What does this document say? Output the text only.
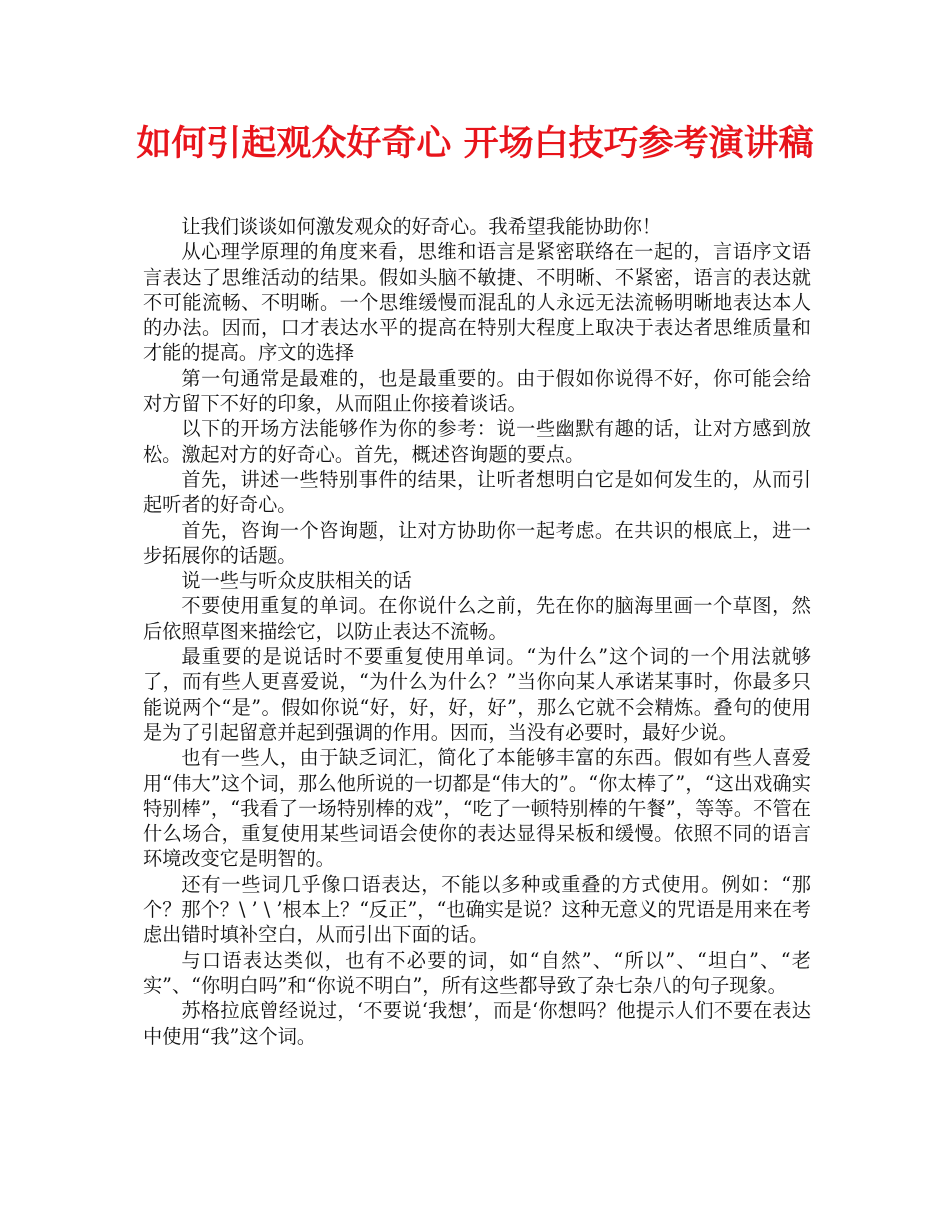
如何引起观众好奇心 开场白技巧参考演讲稿

让我们谈谈如何激发观众的好奇心。我希望我能协助你！

从心理学原理的角度来看，思维和语言是紧密联络在一起的，言语序文语言表达了思维活动的结果。假如头脑不敏捷、不明晰、不紧密，语言的表达就不可能流畅、不明晰。一个思维缓慢而混乱的人永远无法流畅明晰地表达本人的办法。因而，口才表达水平的提高在特别大程度上取决于表达者思维质量和才能的提高。序文的选择

第一句通常是最难的，也是最重要的。由于假如你说得不好，你可能会给对方留下不好的印象，从而阻止你接着谈话。

以下的开场方法能够作为你的参考：说一些幽默有趣的话，让对方感到放松。激起对方的好奇心。首先，概述咨询题的要点。

首先，讲述一些特别事件的结果，让听者想明白它是如何发生的，从而引起听者的好奇心。

首先，咨询一个咨询题，让对方协助你一起考虑。在共识的根底上，进一步拓展你的话题。

说一些与听众皮肤相关的话

不要使用重复的单词。在你说什么之前，先在你的脑海里画一个草图，然后依照草图来描绘它，以防止表达不流畅。

最重要的是说话时不要重复使用单词。“为什么”这个词的一个用法就够了，而有些人更喜爱说，“为什么为什么？”当你向某人承诺某事时，你最多只能说两个“是”。假如你说“好，好，好，好”，那么它就不会精炼。叠句的使用是为了引起留意并起到强调的作用。因而，当没有必要时，最好少说。

也有一些人，由于缺乏词汇，简化了本能够丰富的东西。假如有些人喜爱用“伟大”这个词，那么他所说的一切都是“伟大的”。“你太棒了”，“这出戏确实特别棒”，“我看了一场特别棒的戏”，“吃了一顿特别棒的午餐”，等等。不管在什么场合，重复使用某些词语会使你的表达显得呆板和缓慢。依照不同的语言环境改变它是明智的。

还有一些词几乎像口语表达，不能以多种或重叠的方式使用。例如：“那个？那个？\ ’ \ ’根本上？“反正”，“也确实是说？这种无意义的咒语是用来在考虑出错时填补空白，从而引出下面的话。

与口语表达类似，也有不必要的词，如“自然”、“所以”、“坦白”、“老实”、“你明白吗”和“你说不明白”，所有这些都导致了杂七杂八的句子现象。

苏格拉底曾经说过，‘不要说‘我想’，而是‘你想吗？他提示人们不要在表达中使用“我”这个词。
